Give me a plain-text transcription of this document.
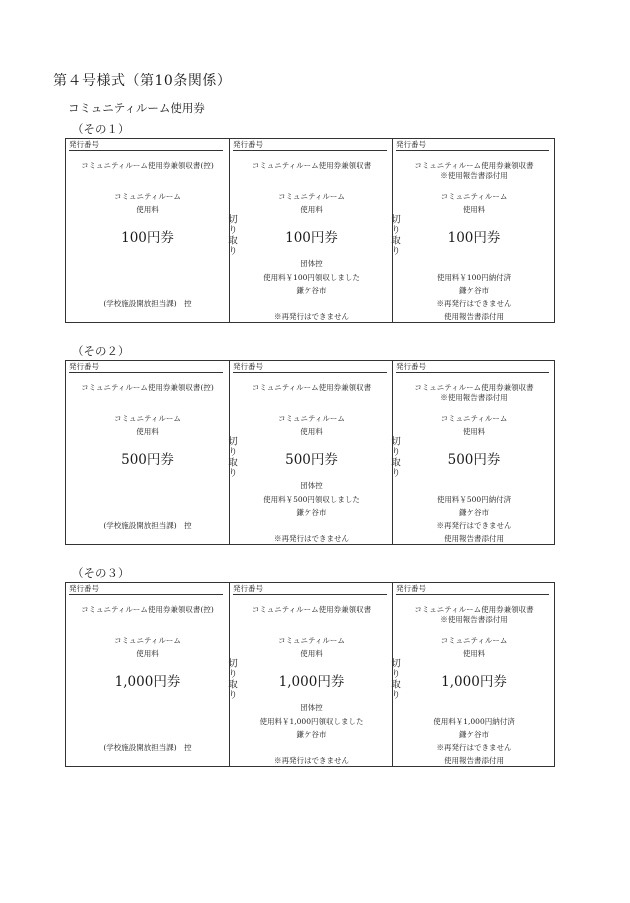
第４号様式（第10条関係）
コミュニティルーム使用券
（その１）
発行番号
コミュニティルーム使用券兼領収書(控)
コミュニティルーム
使用料
100円券
(学校施設開放担当課)　控
切り取り
発行番号
コミュニティルーム使用券兼領収書
コミュニティルーム
使用料
100円券
団体控
使用料￥100円領収しました
鎌ケ谷市
※再発行はできません
切り取り
発行番号
コミュニティルーム使用券兼領収書
※使用報告書添付用
コミュニティルーム
使用料
100円券
使用料￥100円納付済
鎌ケ谷市
※再発行はできません
使用報告書添付用
（その２）
発行番号
コミュニティルーム使用券兼領収書(控)
コミュニティルーム
使用料
500円券
(学校施設開放担当課)　控
切り取り
発行番号
コミュニティルーム使用券兼領収書
コミュニティルーム
使用料
500円券
団体控
使用料￥500円領収しました
鎌ケ谷市
※再発行はできません
切り取り
発行番号
コミュニティルーム使用券兼領収書
※使用報告書添付用
コミュニティルーム
使用料
500円券
使用料￥500円納付済
鎌ケ谷市
※再発行はできません
使用報告書添付用
（その３）
発行番号
コミュニティルーム使用券兼領収書(控)
コミュニティルーム
使用料
1,000円券
(学校施設開放担当課)　控
切り取り
発行番号
コミュニティルーム使用券兼領収書
コミュニティルーム
使用料
1,000円券
団体控
使用料￥1,000円領収しました
鎌ケ谷市
※再発行はできません
切り取り
発行番号
コミュニティルーム使用券兼領収書
※使用報告書添付用
コミュニティルーム
使用料
1,000円券
使用料￥1,000円納付済
鎌ケ谷市
※再発行はできません
使用報告書添付用
